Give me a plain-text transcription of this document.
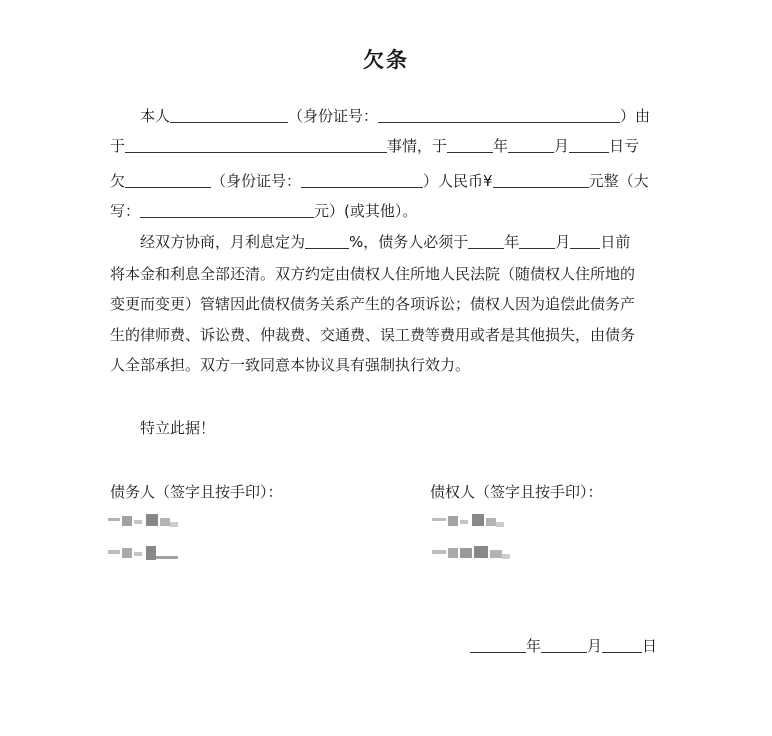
欠条
本人	（身份证号：	）由
于	事情，于	年	月	日亏
欠	（身份证号：	）人民币¥	元整（大
写：	元）(或其他）。
经双方协商，月利息定为	%，债务人必须于 年 月 日前
将本金和利息全部还清。双方约定由债权人住所地人民法院（随债权人住所地的
变更而变更）管辖因此债权债务关系产生的各项诉讼；债权人因为追偿此债务产
生的律师费、诉讼费、仲裁费、交通费、误工费等费用或者是其他损失，由债务
人全部承担。双方一致同意本协议具有强制执行效力。
特立此据！
债务人（签字且按手印）：	债权人（签字且按手印）：
年	月	日
